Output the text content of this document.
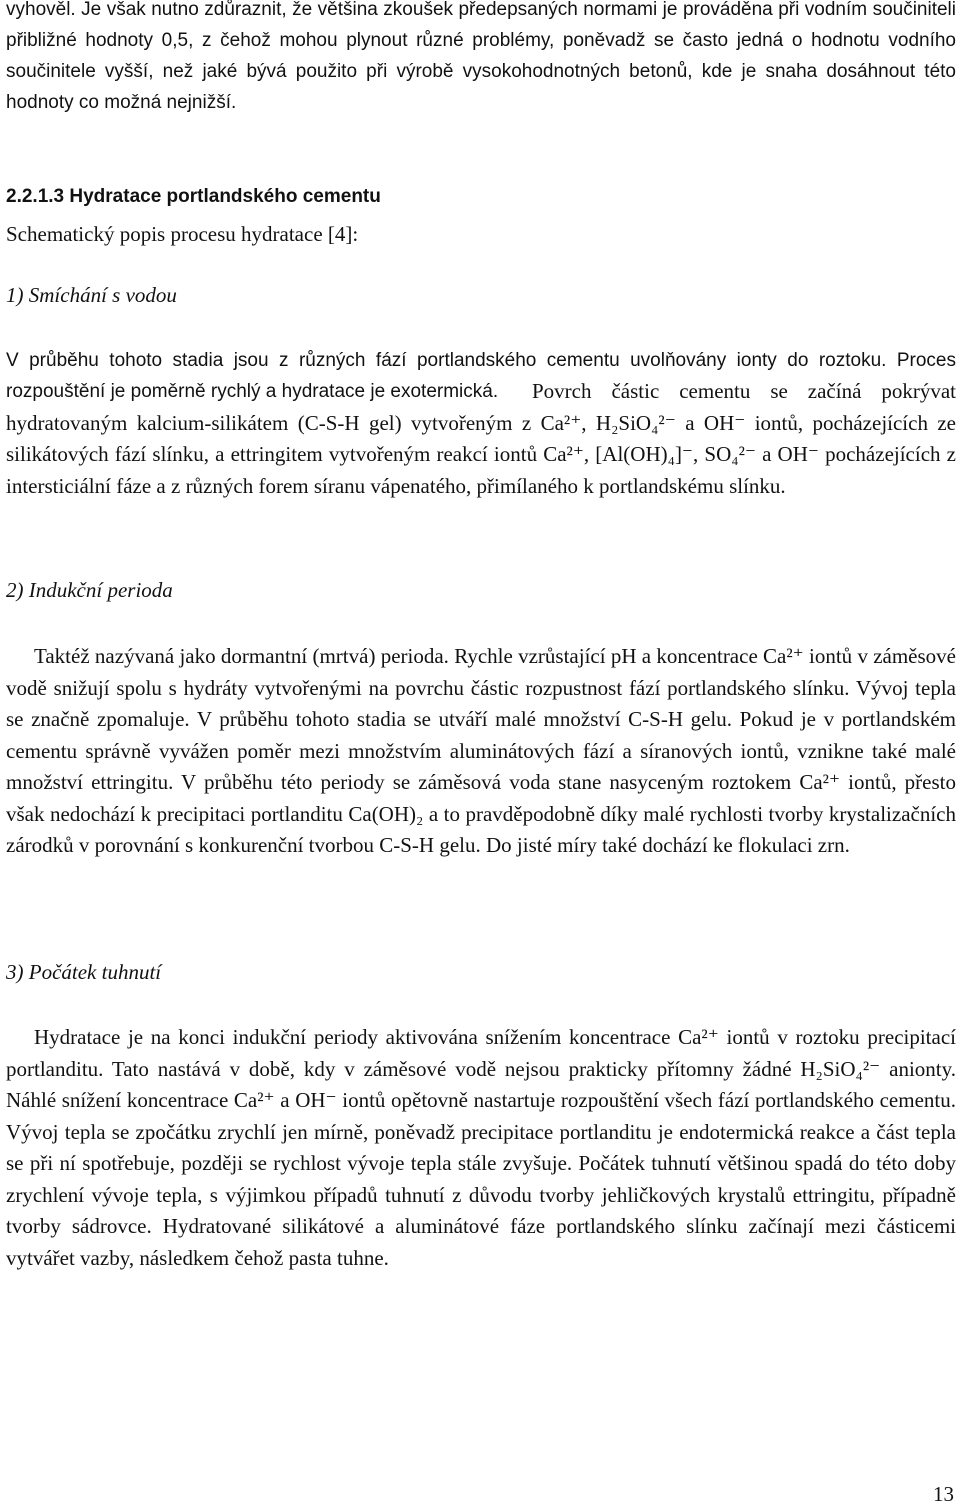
vyhověl. Je však nutno zdůraznit, že většina zkoušek předepsaných normami je prováděna při vodním součiniteli přibližné hodnoty 0,5, z čehož mohou plynout různé problémy, poněvadž se často jedná o hodnotu vodního součinitele vyšší, než jaké bývá použito při výrobě vysokohodnotných betonů, kde je snaha dosáhnout této hodnoty co možná nejnižší.

2.2.1.3 Hydratace portlandského cementu

Schematický popis procesu hydratace [4]:

1) Smíchání s vodou

V průběhu tohoto stadia jsou z různých fází portlandského cementu uvolňovány ionty do roztoku. Proces rozpouštění je poměrně rychlý a hydratace je exotermická.	Povrch částic cementu se začíná pokrývat hydratovaným kalcium-silikátem (C-S-H gel) vytvořeným z Ca²⁺, H₂SiO₄²⁻ a OH⁻ iontů, pocházejících ze silikátových fází slínku, a ettringitem vytvořeným reakcí iontů Ca²⁺, [Al(OH)₄]⁻, SO₄²⁻ a OH⁻ pocházejících z intersticiální fáze a z různých forem síranu vápenatého, přimílaného k portlandskému slínku.

2) Indukční perioda

Taktéž nazývaná jako dormantní (mrtvá) perioda. Rychle vzrůstající pH a koncentrace Ca²⁺ iontů v záměsové vodě snižují spolu s hydráty vytvořenými na povrchu částic rozpustnost fází portlandského slínku. Vývoj tepla se značně zpomaluje. V průběhu tohoto stadia se utváří malé množství C-S-H gelu. Pokud je v portlandském cementu správně vyvážen poměr mezi množstvím aluminátových fází a síranových iontů, vznikne také malé množství ettringitu. V průběhu této periody se záměsová voda stane nasyceným roztokem Ca²⁺ iontů, přesto však nedochází k precipitaci portlanditu Ca(OH)₂ a to pravděpodobně díky malé rychlosti tvorby krystalizačních zárodků v porovnání s konkurenční tvorbou C-S-H gelu. Do jisté míry také dochází ke flokulaci zrn.

3) Počátek tuhnutí

Hydratace je na konci indukční periody aktivována snížením koncentrace Ca²⁺ iontů v roztoku precipitací portlanditu. Tato nastává v době, kdy v záměsové vodě nejsou prakticky přítomny žádné H₂SiO₄²⁻ anionty. Náhlé snížení koncentrace Ca²⁺ a OH⁻ iontů opětovně nastartuje rozpouštění všech fází portlandského cementu. Vývoj tepla se zpočátku zrychlí jen mírně, poněvadž precipitace portlanditu je endotermická reakce a část tepla se při ní spotřebuje, později se rychlost vývoje tepla stále zvyšuje. Počátek tuhnutí většinou spadá do této doby zrychlení vývoje tepla, s výjimkou případů tuhnutí z důvodu tvorby jehličkových krystalů ettringitu, případně tvorby sádrovce. Hydratované silikátové a aluminátové fáze portlandského slínku začínají mezi částicemi vytvářet vazby, následkem čehož pasta tuhne.

13
